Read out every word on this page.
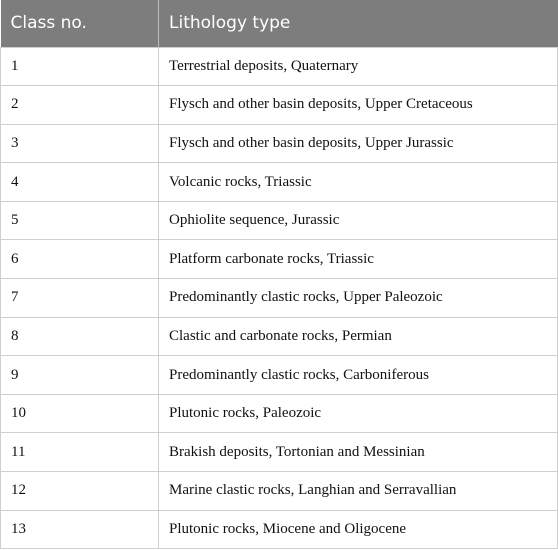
Class no.	Lithology type
1	Terrestrial deposits, Quaternary
2	Flysch and other basin deposits, Upper Cretaceous
3	Flysch and other basin deposits, Upper Jurassic
4	Volcanic rocks, Triassic
5	Ophiolite sequence, Jurassic
6	Platform carbonate rocks, Triassic
7	Predominantly clastic rocks, Upper Paleozoic
8	Clastic and carbonate rocks, Permian
9	Predominantly clastic rocks, Carboniferous
10	Plutonic rocks, Paleozoic
11	Brakish deposits, Tortonian and Messinian
12	Marine clastic rocks, Langhian and Serravallian
13	Plutonic rocks, Miocene and Oligocene
